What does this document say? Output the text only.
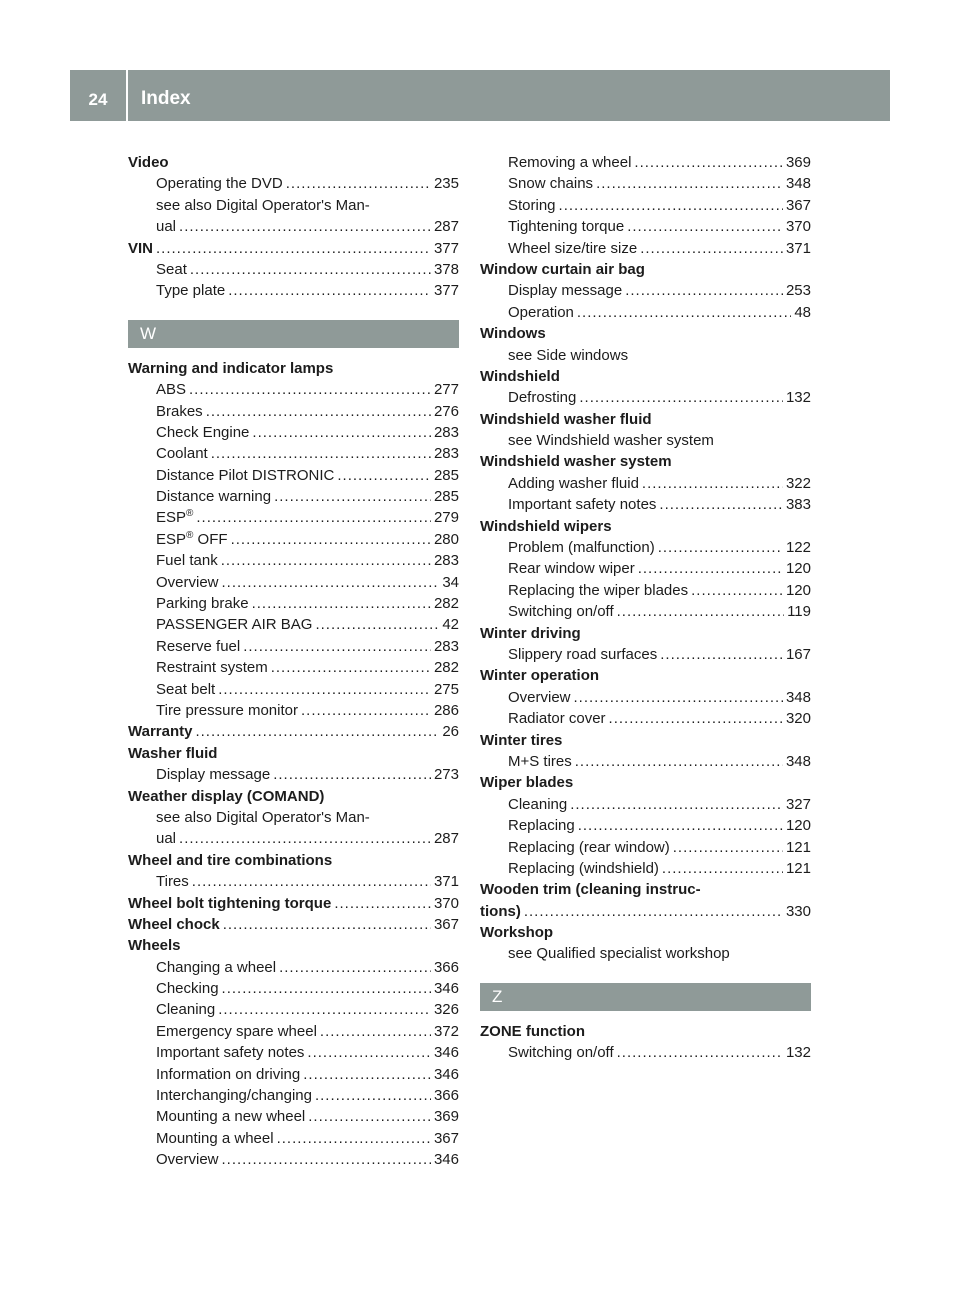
24	Index
Video
Operating the DVD .....	235
see also Digital Operator's Man-
ual .....	287
VIN .....	377
Seat .....	378
Type plate .....	377
W
Warning and indicator lamps
ABS .....	277
Brakes .....	276
Check Engine .....	283
Coolant .....	283
Distance Pilot DISTRONIC .....	285
Distance warning .....	285
ESP® .....	279
ESP® OFF .....	280
Fuel tank .....	283
Overview .....	34
Parking brake .....	282
PASSENGER AIR BAG .....	42
Reserve fuel .....	283
Restraint system .....	282
Seat belt .....	275
Tire pressure monitor .....	286
Warranty .....	26
Washer fluid
Display message .....	273
Weather display (COMAND)
see also Digital Operator's Man-
ual .....	287
Wheel and tire combinations
Tires .....	371
Wheel bolt tightening torque .....	370
Wheel chock .....	367
Wheels
Changing a wheel .....	366
Checking .....	346
Cleaning .....	326
Emergency spare wheel .....	372
Important safety notes .....	346
Information on driving .....	346
Interchanging/changing .....	366
Mounting a new wheel .....	369
Mounting a wheel .....	367
Overview .....	346
Removing a wheel .....	369
Snow chains .....	348
Storing .....	367
Tightening torque .....	370
Wheel size/tire size .....	371
Window curtain air bag
Display message .....	253
Operation .....	48
Windows
see Side windows
Windshield
Defrosting .....	132
Windshield washer fluid
see Windshield washer system
Windshield washer system
Adding washer fluid .....	322
Important safety notes .....	383
Windshield wipers
Problem (malfunction) .....	122
Rear window wiper .....	120
Replacing the wiper blades .....	120
Switching on/off .....	119
Winter driving
Slippery road surfaces .....	167
Winter operation
Overview .....	348
Radiator cover .....	320
Winter tires
M+S tires .....	348
Wiper blades
Cleaning .....	327
Replacing .....	120
Replacing (rear window) .....	121
Replacing (windshield) .....	121
Wooden trim (cleaning instruc-
tions) .....	330
Workshop
see Qualified specialist workshop
Z
ZONE function
Switching on/off .....	132
